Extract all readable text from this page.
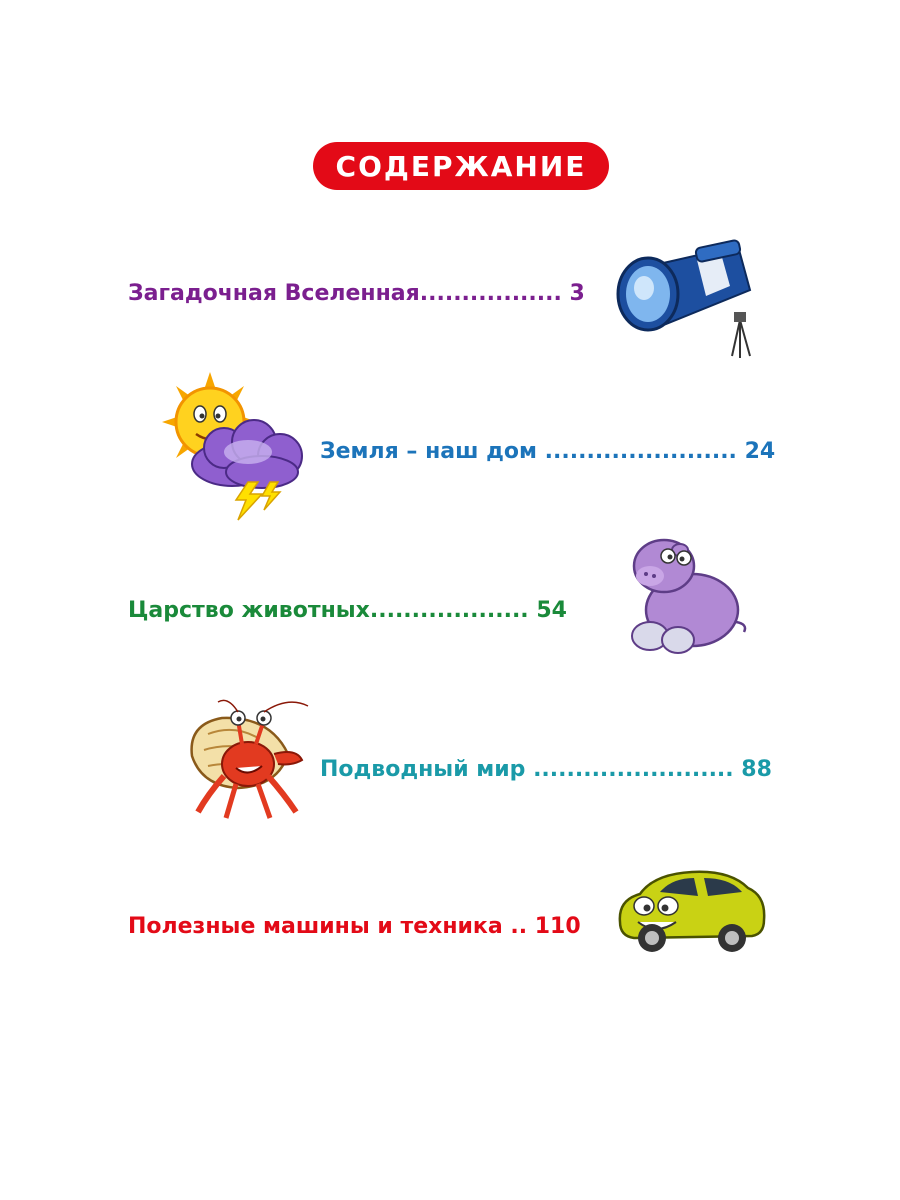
СОДЕРЖАНИЕ
Загадочная Вселенная................. 3
Земля – наш дом ....................... 24
Царство животных................... 54
Подводный мир ........................ 88
Полезные машины и техника .. 110
